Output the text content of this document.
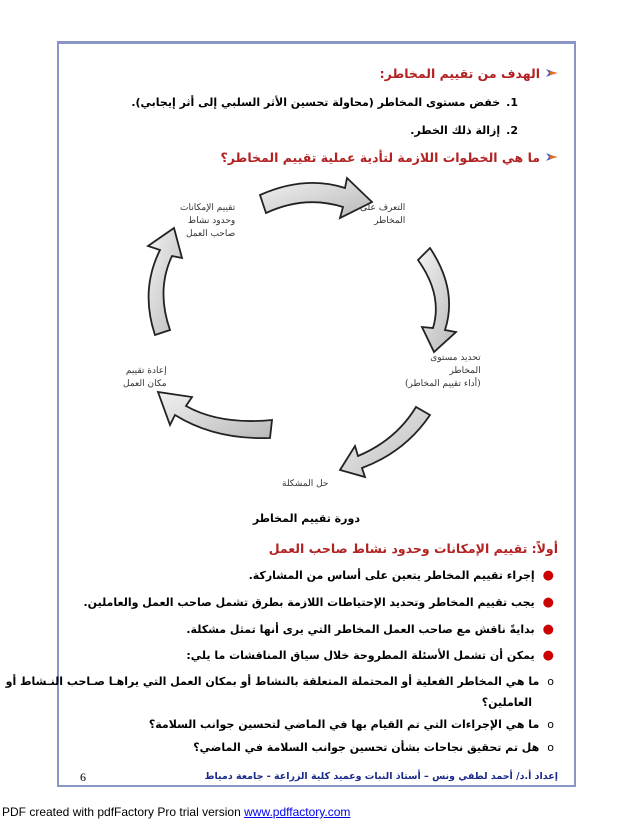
الهدف من تقييم المخاطر:
1.خفض مستوى المخاطر (محاولة تحسين الأثر السلبي إلى أثر إيجابي).
2.إزالة ذلك الخطر.
ما هي الخطوات اللازمة لتأدية عملية تقييم المخاطر؟
التعرف على
المخاطر
تقييم الإمكانات
وحدود نشاط
صاحب العمل
تحديد مستوى
المخاطر
(أداء تقييم المخاطر)
إعادة تقييم
مكان العمل
حل المشكلة
دورة تقييم المخاطر
أولاً: تقييم الإمكانات وحدود نشاط صاحب العمل
●إجراء تقييم المخاطر يتعين على أساس من المشاركة.
●يجب تقييم المخاطر وتحديد الإحتياطات اللازمة بطرق تشمل صاحب العمل والعاملين.
●بدايةً ناقش مع صاحب العمل المخاطر التي يرى أنها تمثل مشكلة.
●يمكن أن تشمل الأسئلة المطروحة خلال سياق المناقشات ما يلي:
oما هي المخاطر الفعلية أو المحتملة المتعلقة بالنشاط أو بمكان العمل التي يراهـا صـاحب النـشاط أو
العاملين؟
oما هي الإجراءات التي تم القيام بها في الماضي لتحسين جوانب السلامة؟
oهل تم تحقيق نجاحات بشأن تحسين جوانب السلامة في الماضي؟
إعداد أ.د/ أحمد لطفي ونس – أستاذ النبات وعميد كلية الزراعة - جامعة دمياط
6
PDF created with pdfFactory Pro trial version www.pdffactory.com
